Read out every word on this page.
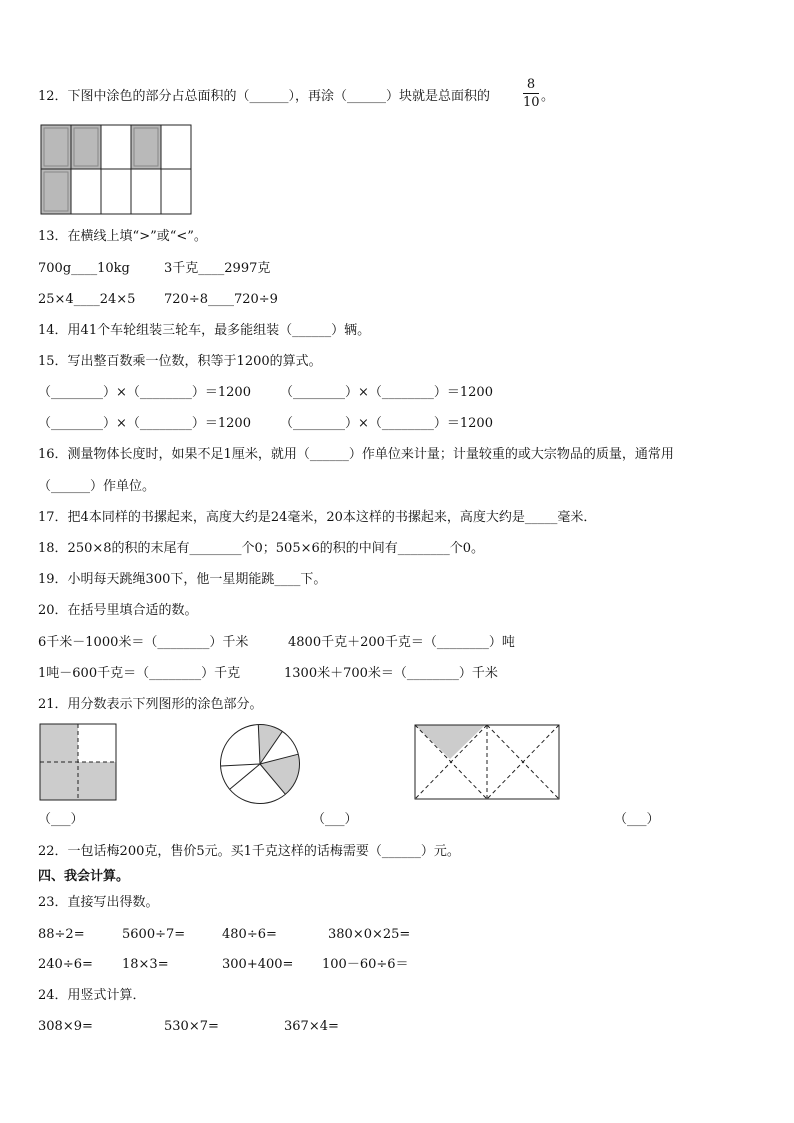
12．下图中涂色的部分占总面积的（______），再涂（______）块就是总面积的
8
10 。
13．在横线上填“>”或“<”。
700g____10kg	3千克____2997克
25×4____24×5 720÷8____720÷9
14．用41个车轮组装三轮车，最多能组装（______）辆。
15．写出整百数乘一位数，积等于1200的算式。
（________）×（________）＝1200 （________）×（________）＝1200
（________）×（________）＝1200 （________）×（________）＝1200
16．测量物体长度时，如果不足1厘米，就用（______）作单位来计量；计量较重的或大宗物品的质量，通常用
（______）作单位。
17．把4本同样的书摞起来，高度大约是24毫米，20本这样的书摞起来，高度大约是_____毫米．
18．250×8的积的末尾有________个0；505×6的积的中间有________个0。
19．小明每天跳绳300下，他一星期能跳____下。
20．在括号里填合适的数。
6千米－1000米＝（________）千米	4800千克＋200千克＝（________）吨
1吨－600千克＝（________）千克	1300米＋700米＝（________）千米
21．用分数表示下列图形的涂色部分。
（___）	（___）	（___）
22．一包话梅200克，售价5元。买1千克这样的话梅需要（______）元。
四、我会计算。
23．直接写出得数。
88÷2=	5600÷7=	480÷6=	380×0×25=
240÷6= 18×3=	300+400= 100－60÷6＝
24．用竖式计算．
308×9=	530×7=	367×4=
